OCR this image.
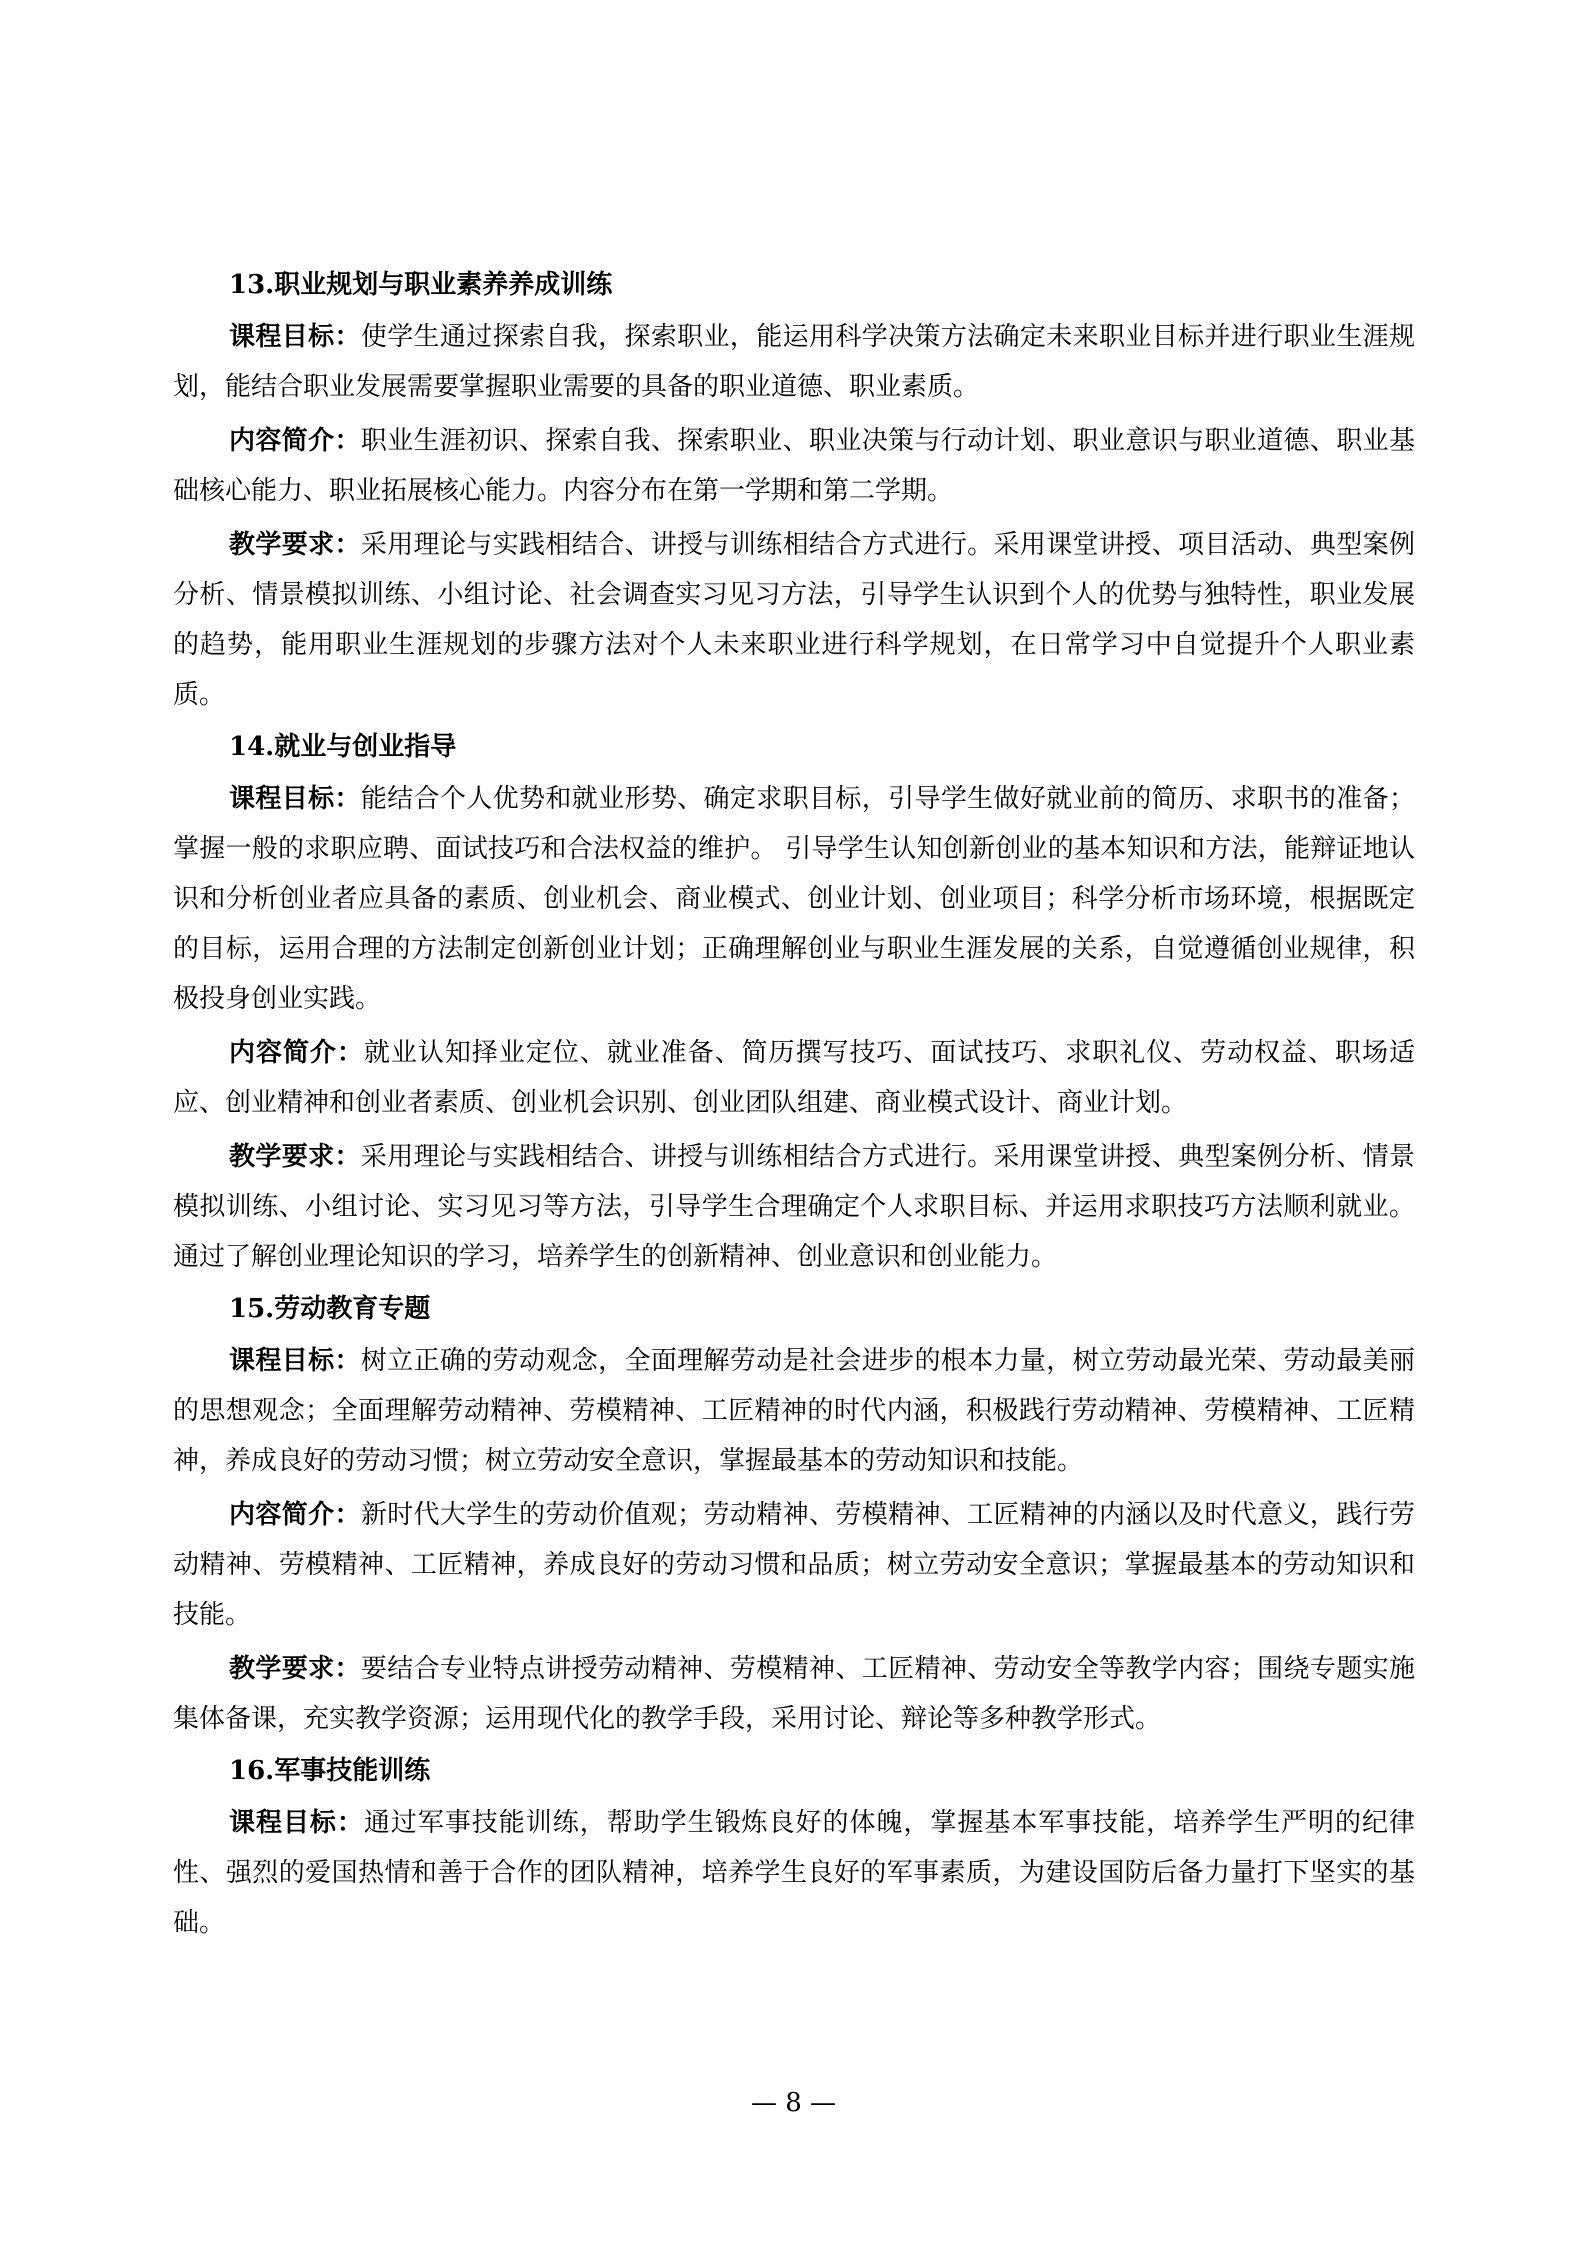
13.职业规划与职业素养养成训练

课程目标：使学生通过探索自我，探索职业，能运用科学决策方法确定未来职业目标并进行职业生涯规划，能结合职业发展需要掌握职业需要的具备的职业道德、职业素质。

内容简介：职业生涯初识、探索自我、探索职业、职业决策与行动计划、职业意识与职业道德、职业基础核心能力、职业拓展核心能力。内容分布在第一学期和第二学期。

教学要求：采用理论与实践相结合、讲授与训练相结合方式进行。采用课堂讲授、项目活动、典型案例分析、情景模拟训练、小组讨论、社会调查实习见习方法，引导学生认识到个人的优势与独特性，职业发展的趋势，能用职业生涯规划的步骤方法对个人未来职业进行科学规划，在日常学习中自觉提升个人职业素质。

14.就业与创业指导

课程目标：能结合个人优势和就业形势、确定求职目标，引导学生做好就业前的简历、求职书的准备；掌握一般的求职应聘、面试技巧和合法权益的维护。 引导学生认知创新创业的基本知识和方法，能辩证地认识和分析创业者应具备的素质、创业机会、商业模式、创业计划、创业项目；科学分析市场环境，根据既定的目标，运用合理的方法制定创新创业计划；正确理解创业与职业生涯发展的关系，自觉遵循创业规律，积极投身创业实践。

内容简介：就业认知择业定位、就业准备、简历撰写技巧、面试技巧、求职礼仪、劳动权益、职场适应、创业精神和创业者素质、创业机会识别、创业团队组建、商业模式设计、商业计划。

教学要求：采用理论与实践相结合、讲授与训练相结合方式进行。采用课堂讲授、典型案例分析、情景模拟训练、小组讨论、实习见习等方法，引导学生合理确定个人求职目标、并运用求职技巧方法顺利就业。 通过了解创业理论知识的学习，培养学生的创新精神、创业意识和创业能力。

15.劳动教育专题

课程目标：树立正确的劳动观念，全面理解劳动是社会进步的根本力量，树立劳动最光荣、劳动最美丽的思想观念；全面理解劳动精神、劳模精神、工匠精神的时代内涵，积极践行劳动精神、劳模精神、工匠精神，养成良好的劳动习惯；树立劳动安全意识，掌握最基本的劳动知识和技能。

内容简介：新时代大学生的劳动价值观；劳动精神、劳模精神、工匠精神的内涵以及时代意义，践行劳动精神、劳模精神、工匠精神，养成良好的劳动习惯和品质；树立劳动安全意识；掌握最基本的劳动知识和技能。

教学要求：要结合专业特点讲授劳动精神、劳模精神、工匠精神、劳动安全等教学内容；围绕专题实施集体备课，充实教学资源；运用现代化的教学手段，采用讨论、辩论等多种教学形式。

16.军事技能训练

课程目标：通过军事技能训练，帮助学生锻炼良好的体魄，掌握基本军事技能，培养学生严明的纪律性、强烈的爱国热情和善于合作的团队精神，培养学生良好的军事素质，为建设国防后备力量打下坚实的基础。

— 8 —
